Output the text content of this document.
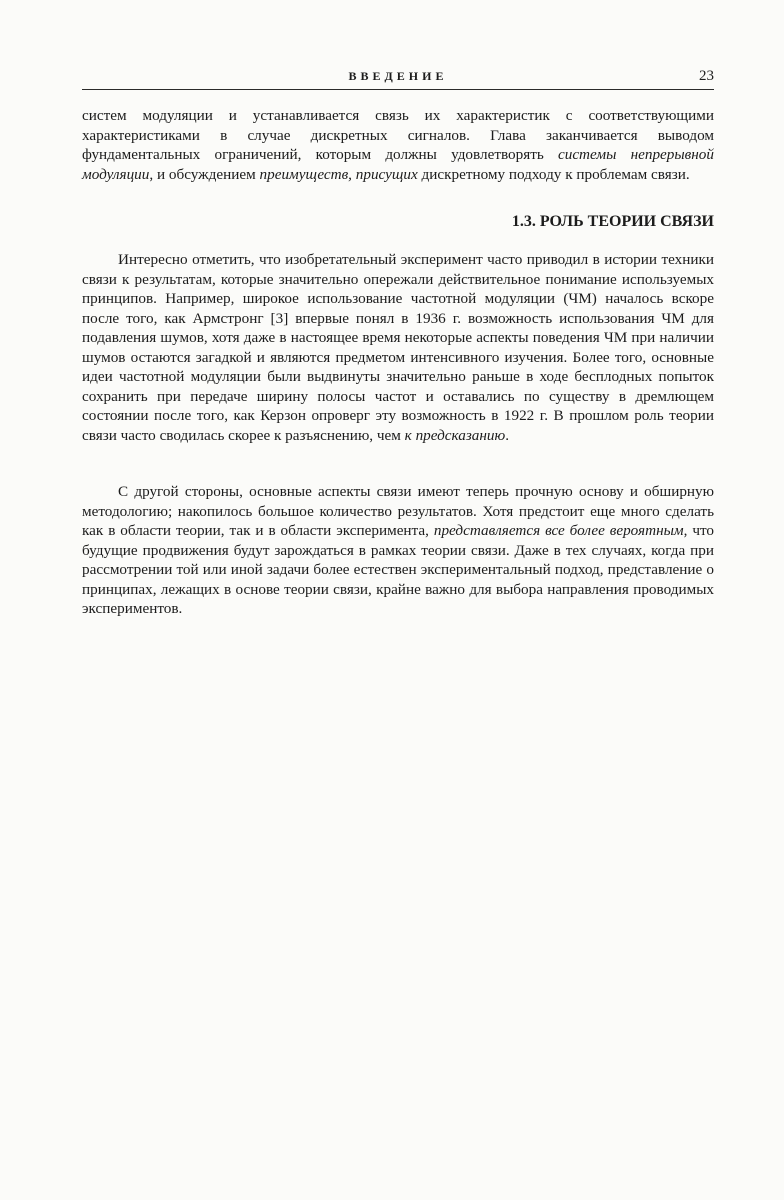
ВВЕДЕНИЕ	23

систем модуляции и устанавливается связь их характеристик с соответствующими характеристиками в случае дискретных сигналов. Глава заканчивается выводом фундаментальных ограничений, которым должны удовлетворять системы непрерывной модуляции, и обсуждением преимуществ, присущих дискретному подходу к проблемам связи.

1.3. РОЛЬ ТЕОРИИ СВЯЗИ

Интересно отметить, что изобретательный эксперимент часто приводил в истории техники связи к результатам, которые значительно опережали действительное понимание используемых принципов. Например, широкое использование частотной модуляции (ЧМ) началось вскоре после того, как Армстронг [3] впервые понял в 1936 г. возможность использования ЧМ для подавления шумов, хотя даже в настоящее время некоторые аспекты поведения ЧМ при наличии шумов остаются загадкой и являются предметом интенсивного изучения. Более того, основные идеи частотной модуляции были выдвинуты значительно раньше в ходе бесплодных попыток сохранить при передаче ширину полосы частот и оставались по существу в дремлющем состоянии после того, как Керзон опроверг эту возможность в 1922 г. В прошлом роль теории связи часто сводилась скорее к разъяснению, чем к предсказанию.

С другой стороны, основные аспекты связи имеют теперь прочную основу и обширную методологию; накопилось большое количество результатов. Хотя предстоит еще много сделать как в области теории, так и в области эксперимента, представляется все более вероятным, что будущие продвижения будут зарождаться в рамках теории связи. Даже в тех случаях, когда при рассмотрении той или иной задачи более естествен экспериментальный подход, представление о принципах, лежащих в основе теории связи, крайне важно для выбора направления проводимых экспериментов.
